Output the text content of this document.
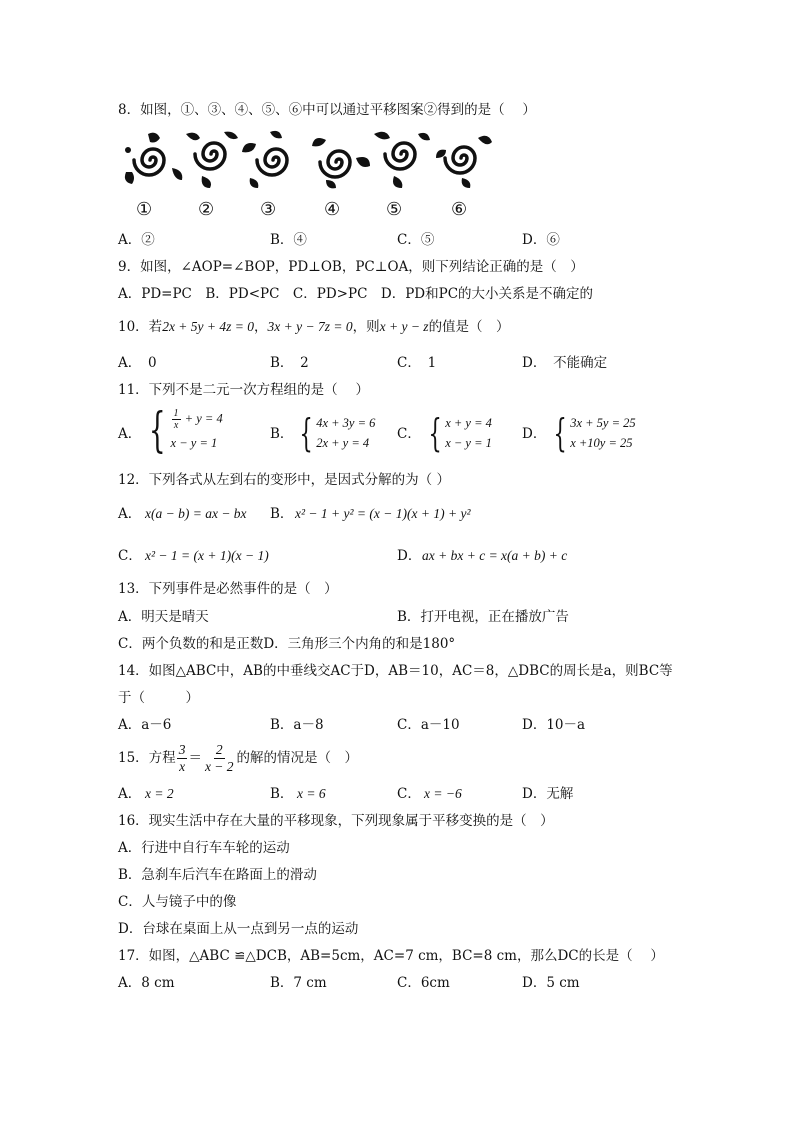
8．如图，①、③、④、⑤、⑥中可以通过平移图案②得到的是（　 ）
①	②	③	④	⑤	⑥
A．②	B．④	C．⑤	D．⑥
9．如图，∠AOP=∠BOP，PD⊥OB，PC⊥OA，则下列结论正确的是（　）
A．PD=PC　B．PD<PC　C．PD>PC　D．PD和PC的大小关系是不确定的
10．若2x + 5y + 4z = 0，3x + y − 7z = 0，则x + y − z的值是（　）
A．　0	B．　2	C．　1	D．　不能确定
11．下列不是二元一次方程组的是（　 ）
A． { $\frac{1}{x} + y = 4$
x − y = 1
B． { 4x + 3y = 6
2x + y = 4
C． { x + y = 4
x − y = 1
D． { 3x + 5y = 25
x +10y = 25
12．下列各式从左到右的变形中，是因式分解的为（ ）
A． x(a − b) = ax − bx B． x² − 1 + y² = (x − 1)(x + 1) + y²
C． x² − 1 = (x + 1)(x − 1)	D． ax + bx + c = x(a + b) + c
13．下列事件是必然事件的是（　）
A．明天是晴天	B．打开电视，正在播放广告
C．两个负数的和是正数D．三角形三个内角的和是180°
14．如图△ABC中，AB的中垂线交AC于D，AB＝10，AC＝8，△DBC的周长是a，则BC等
于（　　　）
A．a－6	B．a－8	C．a－10	D．10－a
15．方程 $\frac{3}{x} = \frac{2}{x - 2}$ 的解的情况是（　）
A． x = 2	B． x = 6	C． x = −6	D．无解
16．现实生活中存在大量的平移现象，下列现象属于平移变换的是（　）
A．行进中自行车车轮的运动
B．急刹车后汽车在路面上的滑动
C．人与镜子中的像
D．台球在桌面上从一点到另一点的运动
17．如图，△ABC ≌△DCB，AB=5cm，AC=7 cm，BC=8 cm，那么DC的长是（　 ）
A．8 cm	B．7 cm	C．6cm	D．5 cm
